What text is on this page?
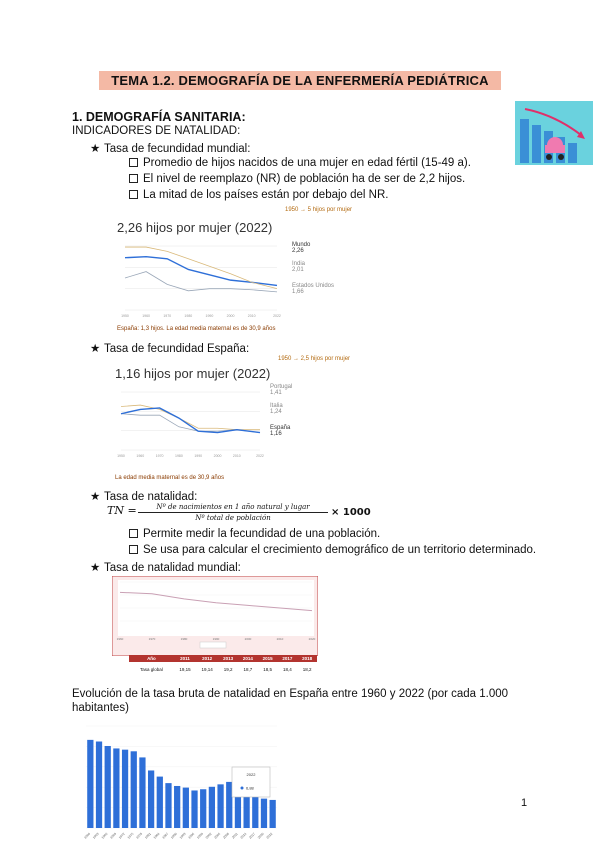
TEMA 1.2. DEMOGRAFÍA DE LA ENFERMERÍA PEDIÁTRICA
1. DEMOGRAFÍA SANITARIA:
INDICADORES DE NATALIDAD:
★ Tasa de fecundidad mundial:
Promedio de hijos nacidos de una mujer en edad fértil (15-49 a).
El nivel de reemplazo (NR) de población ha de ser de 2,2 hijos.
La mitad de los países están por debajo del NR.
1950 → 5 hijos por mujer
2,26 hijos por mujer (2022)
1950	1960	1970	1980	1990	2000	2010	2022
Mundo
2,26
India
2,01
Estados Unidos
1,66
España: 1,3 hijos. La edad media maternal es de 30,9 años
★ Tasa de fecundidad España:
1950 → 2,5 hijos por mujer
1,16 hijos por mujer (2022)
1950	1960	1970	1980	1990	2000	2010	2022
Portugal
1,41
Italia
1,24
España
1,16
La edad media maternal es de 30,9 años
★ Tasa de natalidad:
TN =	Nº de nacimientos en 1 año natural y lugar
Nº total de población	× 1000
Permite medir la fecundidad de una población.
Se usa para calcular el crecimiento demográfico de un territorio determinado.
★ Tasa de natalidad mundial:
1960	1970	1980	1990	2000	2010	2020
Año	2011	2012	2013	2014	2015	2017	2018
Tasa global	19,15	19,14	19,2	18,7	18,5	18,4	18,2
Evolución de la tasa bruta de natalidad en España entre 1960 y 2022 (por cada 1.000 habitantes)
1960 1963 1966 1969 1972 1975 1978 1981 1984 1987 1990 1993 1996 1999 2002 2005 2008 2011 2014 2017 2020 2022
2022
6,88
1
